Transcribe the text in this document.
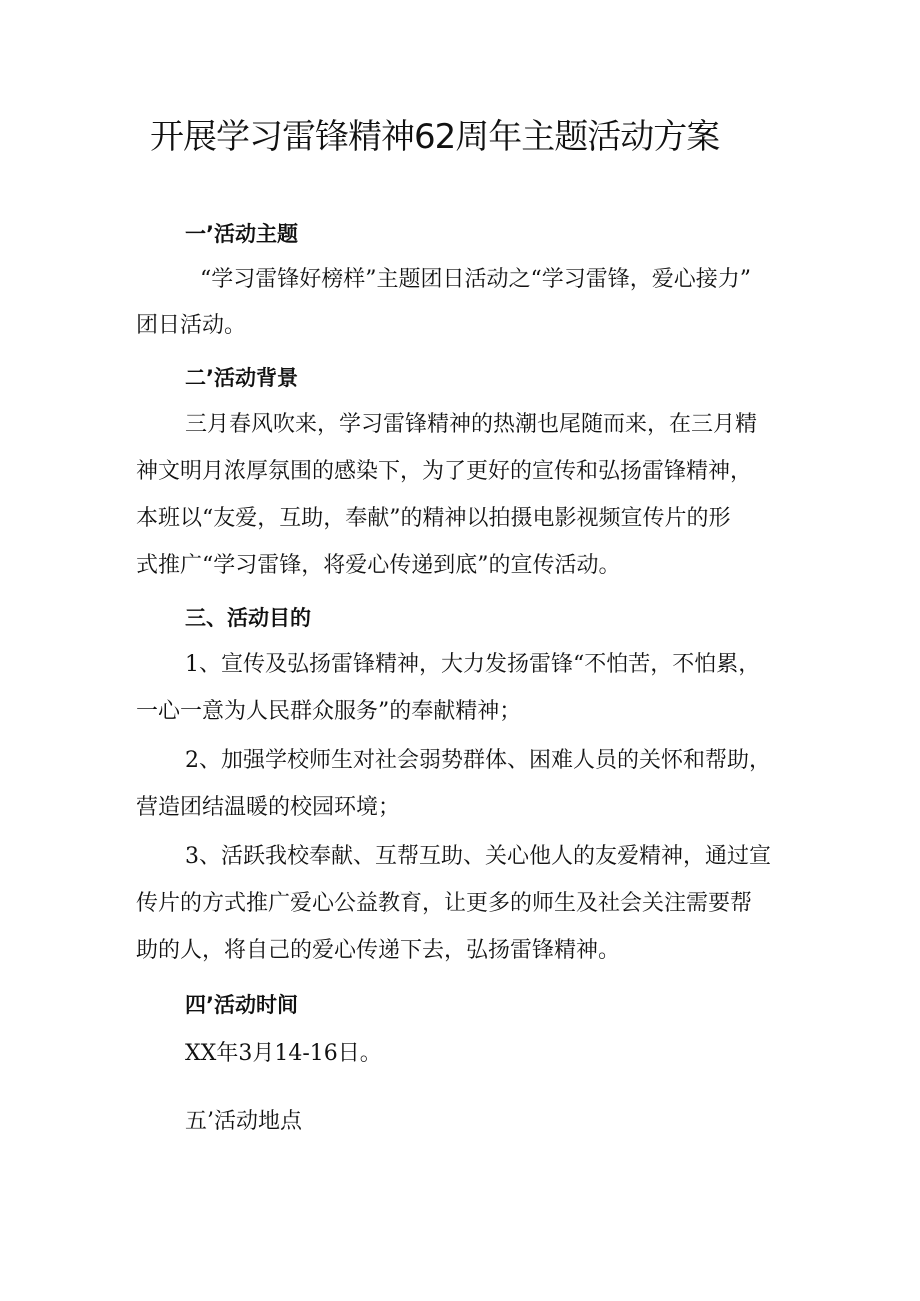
开展学习雷锋精神62周年主题活动方案
一’活动主题
“学习雷锋好榜样”主题团日活动之“学习雷锋，爱心接力”
团日活动。
二’活动背景
三月春风吹来，学习雷锋精神的热潮也尾随而来，在三月精
神文明月浓厚氛围的感染下，为了更好的宣传和弘扬雷锋精神，
本班以“友爱，互助，奉献”的精神以拍摄电影视频宣传片的形
式推广“学习雷锋，将爱心传递到底”的宣传活动。
三、活动目的
1、宣传及弘扬雷锋精神，大力发扬雷锋“不怕苦，不怕累，
一心一意为人民群众服务”的奉献精神；
2、加强学校师生对社会弱势群体、困难人员的关怀和帮助，
营造团结温暖的校园环境；
3、活跃我校奉献、互帮互助、关心他人的友爱精神，通过宣
传片的方式推广爱心公益教育，让更多的师生及社会关注需要帮
助的人，将自己的爱心传递下去，弘扬雷锋精神。
四’活动时间
XX年3月14-16日。
五’活动地点
